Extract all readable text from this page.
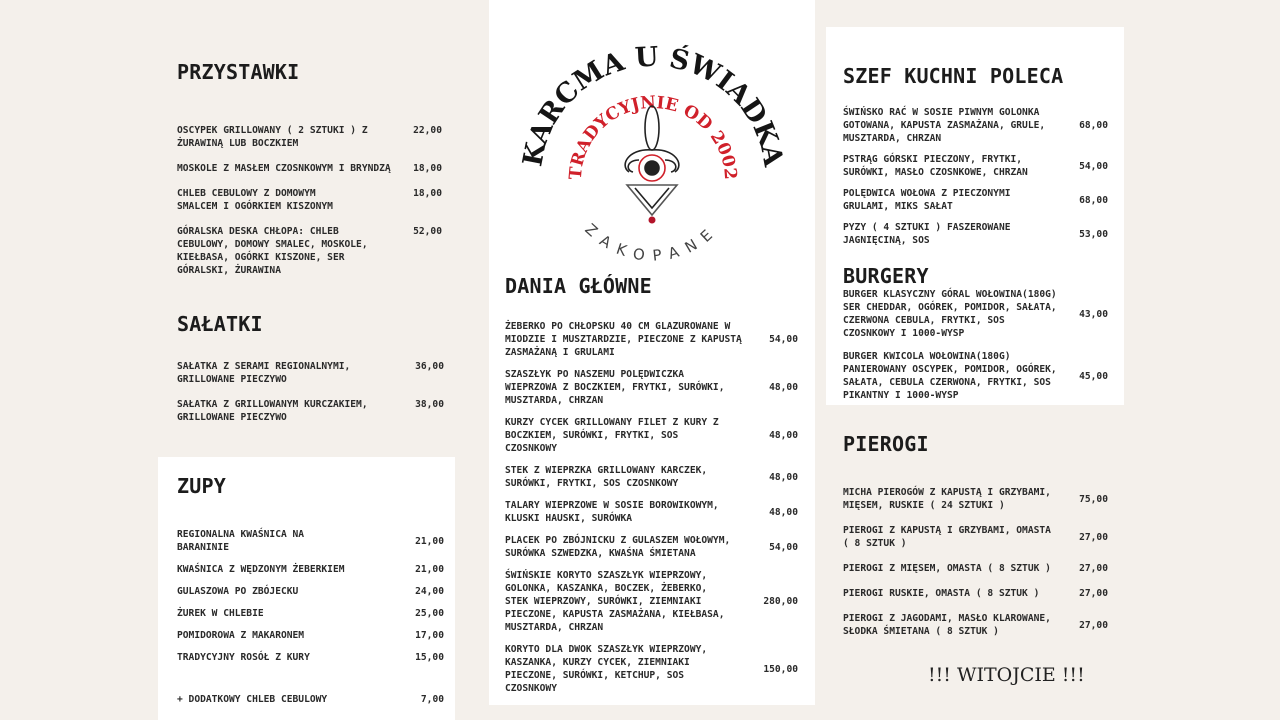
KARCMA U ŚWIADKA
TRADYCYJNIE OD 2002
ZAKOPANE
PRZYSTAWKI
OSCYPEK GRILLOWANY ( 2 SZTUKI ) Z ŻURAWINĄ LUB BOCZKIEM
22,00
MOSKOLE Z MASŁEM CZOSNKOWYM I BRYNDZĄ 18,00
CHLEB CEBULOWY Z DOMOWYM
SMALCEM I OGÓRKIEM KISZONYM
18,00
GÓRALSKA DESKA CHŁOPA: CHLEB CEBULOWY, DOMOWY SMALEC, MOSKOLE, KIEŁBASA, OGÓRKI KISZONE, SER GÓRALSKI, ŻURAWINA
52,00
SAŁATKI
SAŁATKA Z SERAMI REGIONALNYMI,
GRILLOWANE PIECZYWO
36,00
SAŁATKA Z GRILLOWANYM KURCZAKIEM,
GRILLOWANE PIECZYWO
38,00
ZUPY
REGIONALNA KWAŚNICA NA
BARANINIE
21,00
KWAŚNICA Z WĘDZONYM ŻEBERKIEM	21,00
GULASZOWA PO ZBÓJECKU	24,00
ŻUREK W CHLEBIE	25,00
POMIDOROWA Z MAKARONEM	17,00
TRADYCYJNY ROSÓŁ Z KURY	15,00
+ DODATKOWY CHLEB CEBULOWY	7,00
DANIA GŁÓWNE
ŻEBERKO PO CHŁOPSKU 40 CM GLAZUROWANE W MIODZIE I MUSZTARDZIE, PIECZONE Z KAPUSTĄ ZASMAŻANĄ I GRULAMI
54,00
SZASZŁYK PO NASZEMU POLĘDWICZKA
WIEPRZOWA Z BOCZKIEM, FRYTKI, SURÓWKI, MUSZTARDA, CHRZAN
48,00
KURZY CYCEK GRILLOWANY FILET Z KURY Z BOCZKIEM, SURÓWKI, FRYTKI, SOS
CZOSNKOWY
48,00
STEK Z WIEPRZKA GRILLOWANY KARCZEK,
SURÓWKI, FRYTKI, SOS CZOSNKOWY
48,00
TALARY WIEPRZOWE W SOSIE BOROWIKOWYM,
KLUSKI HAUSKI, SURÓWKA
48,00
PLACEK PO ZBÓJNICKU Z GULASZEM WOŁOWYM,
SURÓWKA SZWEDZKA, KWAŚNA ŚMIETANA
54,00
ŚWIŃSKIE KORYTO SZASZŁYK WIEPRZOWY,
GOLONKA, KASZANKA, BOCZEK, ŻEBERKO,
STEK WIEPRZOWY, SURÓWKI, ZIEMNIAKI
PIECZONE, KAPUSTA ZASMAŻANA, KIEŁBASA,
MUSZTARDA, CHRZAN
280,00
KORYTO DLA DWOK SZASZŁYK WIEPRZOWY,
KASZANKA, KURZY CYCEK, ZIEMNIAKI
PIECZONE, SURÓWKI, KETCHUP, SOS
CZOSNKOWY
150,00
SZEF KUCHNI POLECA
ŚWIŃSKO RAĆ W SOSIE PIWNYM GOLONKA
GOTOWANA, KAPUSTA ZASMAŻANA, GRULE,
MUSZTARDA, CHRZAN
68,00
PSTRĄG GÓRSKI PIECZONY, FRYTKI,
SURÓWKI, MASŁO CZOSNKOWE, CHRZAN
54,00
POLĘDWICA WOŁOWA Z PIECZONYMI
GRULAMI, MIKS SAŁAT
68,00
PYZY ( 4 SZTUKI ) FASZEROWANE
JAGNIĘCINĄ, SOS
53,00
BURGERY
BURGER KLASYCZNY GÓRAL WOŁOWINA(180G)
SER CHEDDAR, OGÓREK, POMIDOR, SAŁATA,
CZERWONA CEBULA, FRYTKI, SOS
CZOSNKOWY I 1000-WYSP
43,00
BURGER KWICOLA WOŁOWINA(180G)
PANIEROWANY OSCYPEK, POMIDOR, OGÓREK,
SAŁATA, CEBULA CZERWONA, FRYTKI, SOS
PIKANTNY I 1000-WYSP
45,00
PIEROGI
MICHA PIEROGÓW Z KAPUSTĄ I GRZYBAMI,
MIĘSEM, RUSKIE ( 24 SZTUKI )
75,00
PIEROGI Z KAPUSTĄ I GRZYBAMI, OMASTA
( 8 SZTUK )
27,00
PIEROGI Z MIĘSEM, OMASTA ( 8 SZTUK )	27,00
PIEROGI RUSKIE, OMASTA ( 8 SZTUK )	27,00
PIEROGI Z JAGODAMI, MASŁO KLAROWANE,
SŁODKA ŚMIETANA ( 8 SZTUK )
27,00
!!! WITOJCIE !!!
